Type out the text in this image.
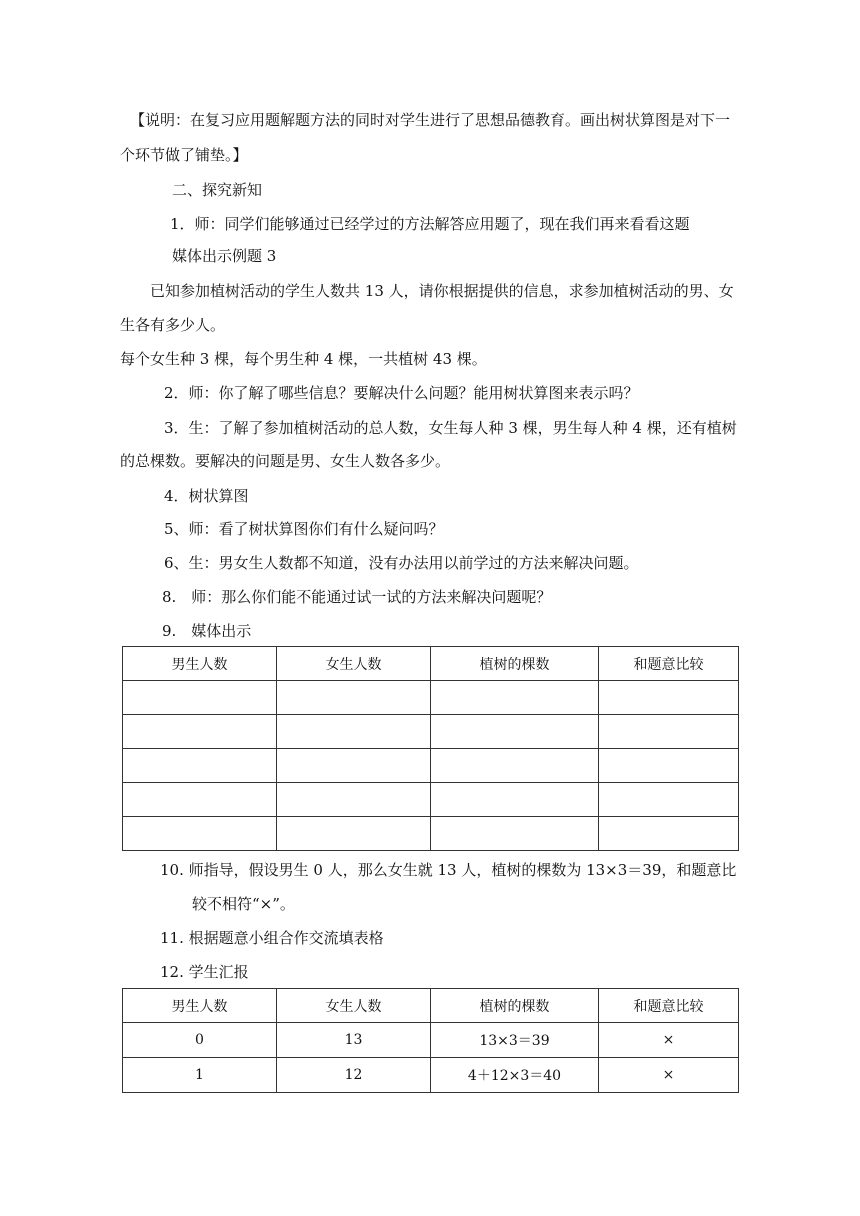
【说明：在复习应用题解题方法的同时对学生进行了思想品德教育。画出树状算图是对下一
个环节做了铺垫。】
二、探究新知
1．师：同学们能够通过已经学过的方法解答应用题了，现在我们再来看看这题
媒体出示例题 3
已知参加植树活动的学生人数共 13 人，请你根据提供的信息，求参加植树活动的男、女
生各有多少人。
每个女生种 3 棵，每个男生种 4 棵，一共植树 43 棵。
2．师：你了解了哪些信息？要解决什么问题？能用树状算图来表示吗？
3．生：了解了参加植树活动的总人数，女生每人种 3 棵，男生每人种 4 棵，还有植树
的总棵数。要解决的问题是男、女生人数各多少。
4．树状算图
5、师：看了树状算图你们有什么疑问吗？
6、生：男女生人数都不知道，没有办法用以前学过的方法来解决问题。
8.　师：那么你们能不能通过试一试的方法来解决问题呢？
9.　媒体出示
男生人数	女生人数	植树的棵数	和题意比较

10. 师指导，假设男生 0 人，那么女生就 13 人，植树的棵数为 13×3＝39，和题意比
较不相符“×”。
11. 根据题意小组合作交流填表格
12. 学生汇报
男生人数	女生人数	植树的棵数	和题意比较
0	13	13×3＝39	×
1	12	4＋12×3＝40	×
